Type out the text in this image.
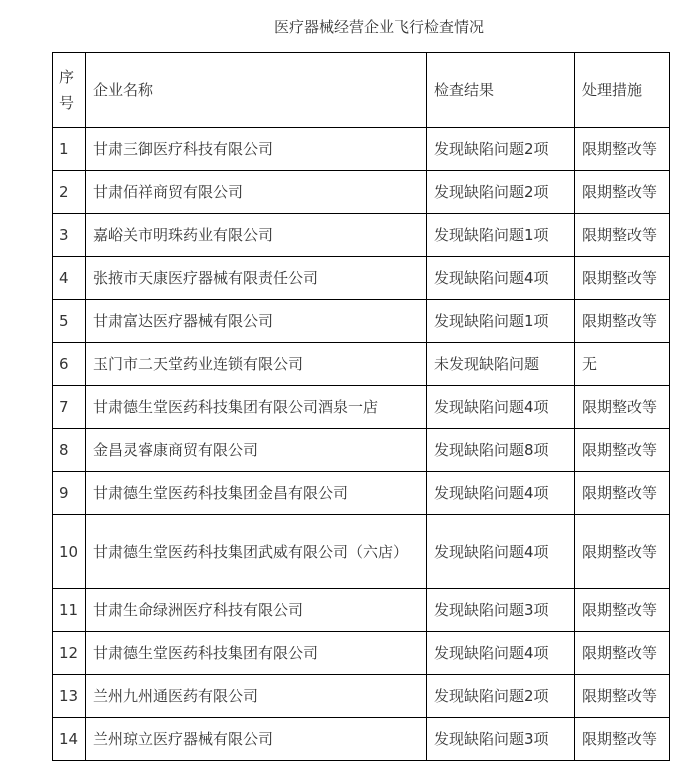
医疗器械经营企业飞行检查情况
序号	企业名称	检查结果	处理措施
1	甘肃三御医疗科技有限公司	发现缺陷问题2项	限期整改等
2	甘肃佰祥商贸有限公司	发现缺陷问题2项	限期整改等
3	嘉峪关市明珠药业有限公司	发现缺陷问题1项	限期整改等
4	张掖市天康医疗器械有限责任公司	发现缺陷问题4项	限期整改等
5	甘肃富达医疗器械有限公司	发现缺陷问题1项	限期整改等
6	玉门市二天堂药业连锁有限公司	未发现缺陷问题	无
7	甘肃德生堂医药科技集团有限公司酒泉一店	发现缺陷问题4项	限期整改等
8	金昌灵睿康商贸有限公司	发现缺陷问题8项	限期整改等
9	甘肃德生堂医药科技集团金昌有限公司	发现缺陷问题4项	限期整改等
10	甘肃德生堂医药科技集团武威有限公司（六店）	发现缺陷问题4项	限期整改等
11	甘肃生命绿洲医疗科技有限公司	发现缺陷问题3项	限期整改等
12	甘肃德生堂医药科技集团有限公司	发现缺陷问题4项	限期整改等
13	兰州九州通医药有限公司	发现缺陷问题2项	限期整改等
14	兰州琼立医疗器械有限公司	发现缺陷问题3项	限期整改等
